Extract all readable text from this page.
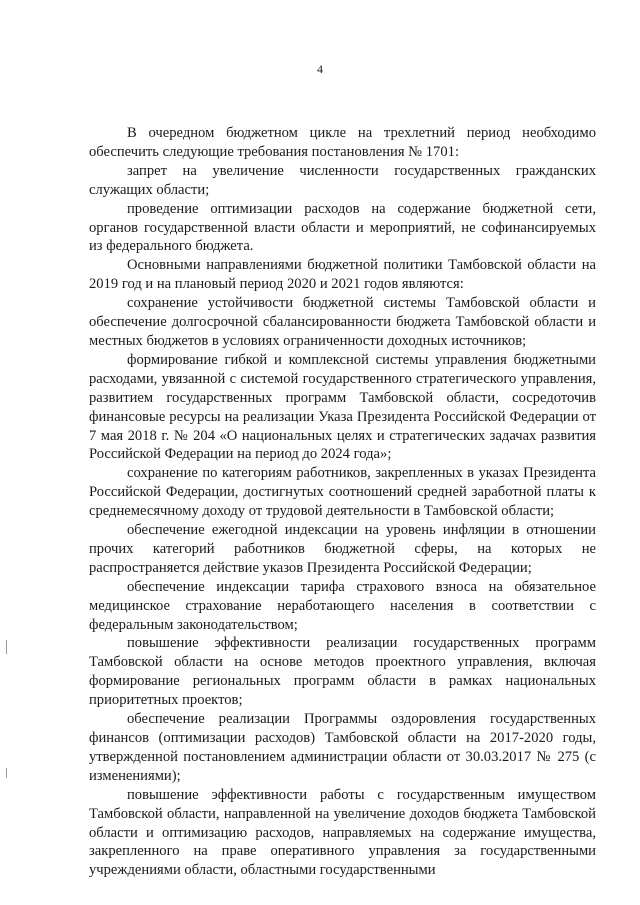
4

В очередном бюджетном цикле на трехлетний период необходимо обеспечить следующие требования постановления № 1701:

запрет на увеличение численности государственных гражданских служащих области;

проведение оптимизации расходов на содержание бюджетной сети, органов государственной власти области и мероприятий, не софинансируемых из федерального бюджета.

Основными направлениями бюджетной политики Тамбовской области на 2019 год и на плановый период 2020 и 2021 годов являются:

сохранение устойчивости бюджетной системы Тамбовской области и обеспечение долгосрочной сбалансированности бюджета Тамбовской области и местных бюджетов в условиях ограниченности доходных источников;

формирование гибкой и комплексной системы управления бюджетными расходами, увязанной с системой государственного стратегического управления, развитием государственных программ Тамбовской области, сосредоточив финансовые ресурсы на реализации Указа Президента Российской Федерации от 7 мая 2018 г. № 204 «О национальных целях и стратегических задачах развития Российской Федерации на период до 2024 года»;

сохранение по категориям работников, закрепленных в указах Президента Российской Федерации, достигнутых соотношений средней заработной платы к среднемесячному доходу от трудовой деятельности в Тамбовской области;

обеспечение ежегодной индексации на уровень инфляции в отношении прочих категорий работников бюджетной сферы, на которых не распространяется действие указов Президента Российской Федерации;

обеспечение индексации тарифа страхового взноса на обязательное медицинское страхование неработающего населения в соответствии с федеральным законодательством;

повышение эффективности реализации государственных программ Тамбовской области на основе методов проектного управления, включая формирование региональных программ области в рамках национальных приоритетных проектов;

обеспечение реализации Программы оздоровления государственных финансов (оптимизации расходов) Тамбовской области на 2017-2020 годы, утвержденной постановлением администрации области от 30.03.2017 № 275 (с изменениями);

повышение эффективности работы с государственным имуществом Тамбовской области, направленной на увеличение доходов бюджета Тамбовской области и оптимизацию расходов, направляемых на содержание имущества, закрепленного на праве оперативного управления за государственными учреждениями области, областными государственными
